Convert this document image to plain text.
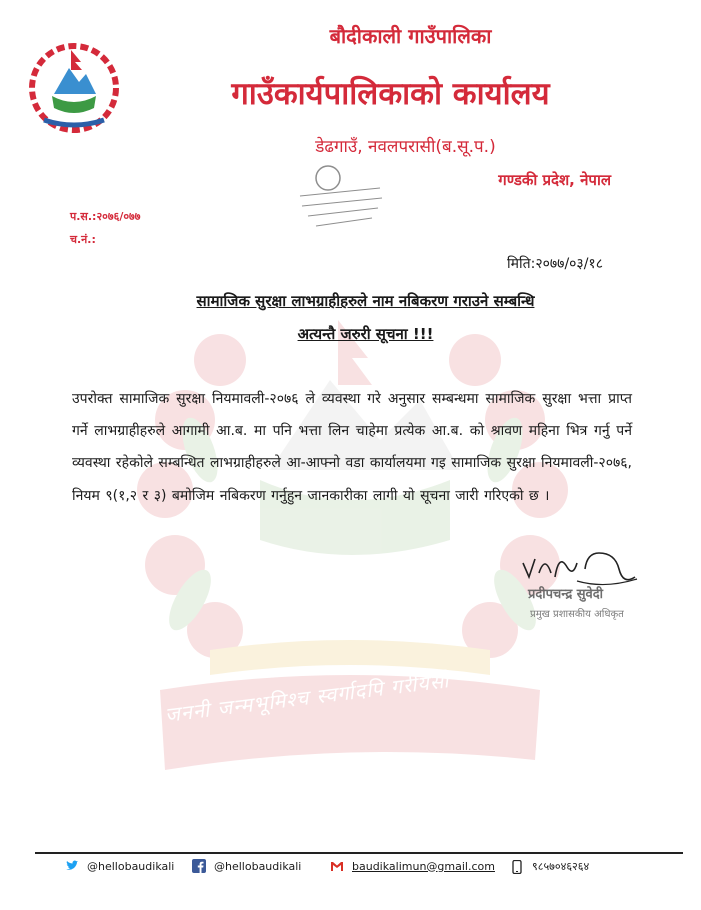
बौदीकाली गाउँपालिका
गाउँकार्यपालिकाको कार्यालय
डेढगाउँ, नवलपरासी(ब.सू.प.)
गण्डकी प्रदेश, नेपाल
प.स.:२०७६/०७७
च.नं.:
मिति:२०७७/०३/१८
सामाजिक सुरक्षा लाभग्राहीहरुले नाम नबिकरण गराउने सम्बन्धि
अत्यन्तै जरुरी सूचना !!!
उपरोक्त सामाजिक सुरक्षा नियमावली-२०७६ ले व्यवस्था गरे अनुसार सम्बन्धमा सामाजिक सुरक्षा भत्ता प्राप्त गर्ने लाभग्राहीहरुले आगामी आ.ब. मा पनि भत्ता लिन चाहेमा प्रत्येक आ.ब. को श्रावण महिना भित्र गर्नु पर्ने व्यवस्था रहेकोले सम्बन्धित लाभग्राहीहरुले आ-आफ्नो वडा कार्यालयमा गइ सामाजिक सुरक्षा नियमावली-२०७६, नियम ९(१,२ र ३) बमोजिम नबिकरण गर्नुहुन जानकारीका लागी यो सूचना जारी गरिएको छ ।
प्रदीपचन्द्र सुवेदी
प्रमुख प्रशासकीय अधिकृत
जननी जन्मभूमिश्च स्वर्गादपि गरीयसी
@hellobaudikali	@hellobaudikali	baudikalimun@gmail.com	९८५७०४६२६४
